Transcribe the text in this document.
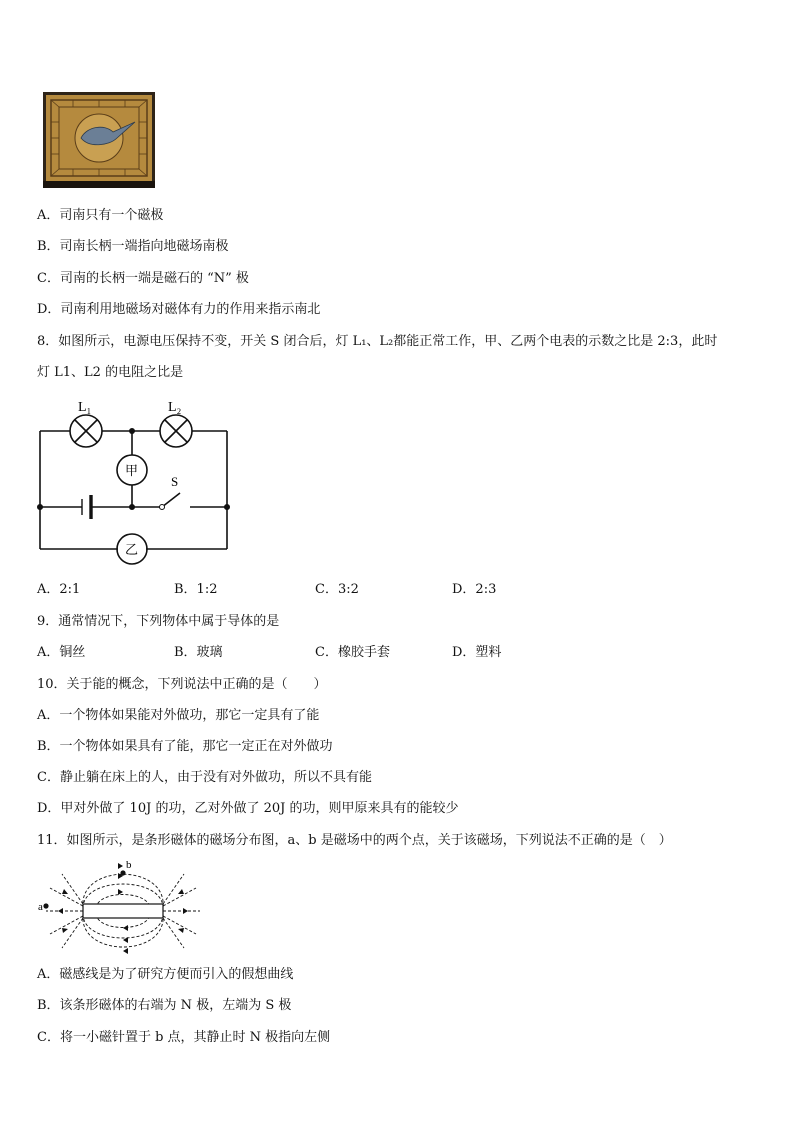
A．司南只有一个磁极
B．司南长柄一端指向地磁场南极
C．司南的长柄一端是磁石的 “N” 极
D．司南利用地磁场对磁体有力的作用来指示南北
8．如图所示，电源电压保持不变，开关 S 闭合后，灯 L₁、L₂都能正常工作，甲、乙两个电表的示数之比是 2:3，此时
灯 L1、L2 的电阻之比是
L₁	L₂
甲
乙
S
A．2:1	B．1:2	C．3:2	D．2:3
9．通常情况下，下列物体中属于导体的是
A．铜丝	B．玻璃	C．橡胶手套	D．塑料
10．关于能的概念，下列说法中正确的是（　　）
A．一个物体如果能对外做功，那它一定具有了能
B．一个物体如果具有了能，那它一定正在对外做功
C．静止躺在床上的人，由于没有对外做功，所以不具有能
D．甲对外做了 10J 的功，乙对外做了 20J 的功，则甲原来具有的能较少
11．如图所示，是条形磁体的磁场分布图，a、b 是磁场中的两个点，关于该磁场，下列说法不正确的是（　）
a
b
A．磁感线是为了研究方便而引入的假想曲线
B．该条形磁体的右端为 N 极，左端为 S 极
C．将一小磁针置于 b 点，其静止时 N 极指向左侧
